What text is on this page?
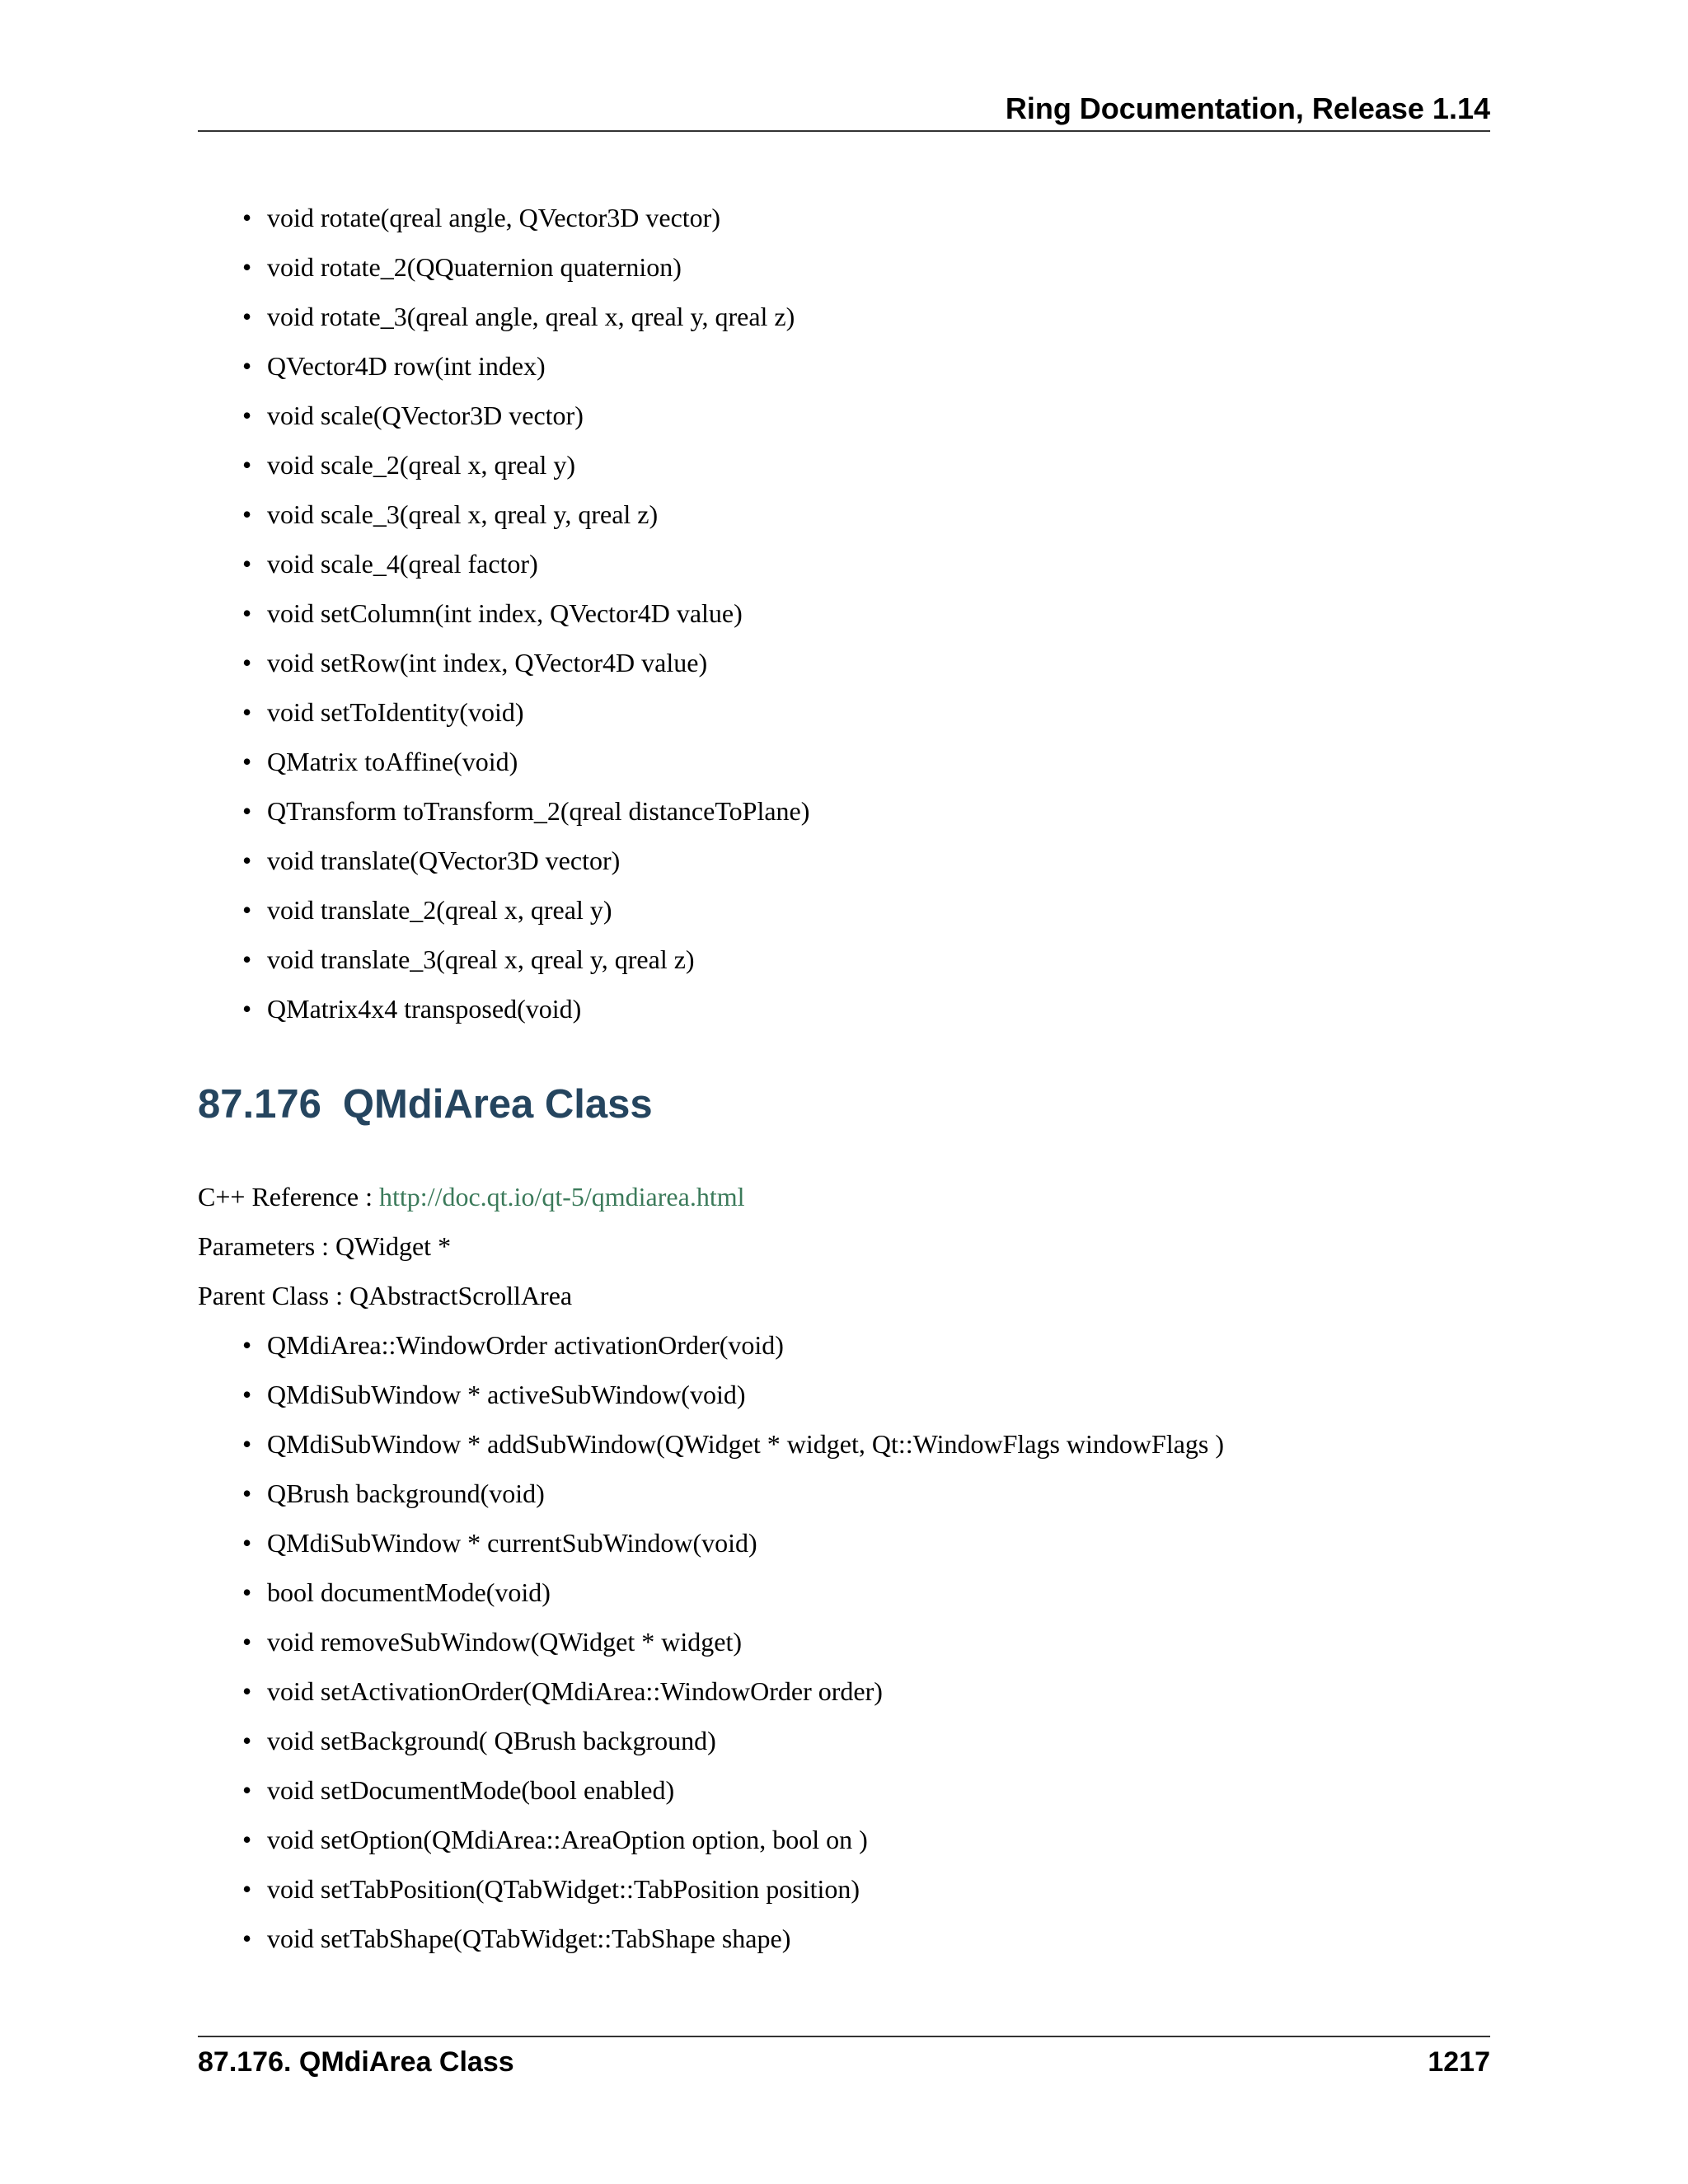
Ring Documentation, Release 1.14
• void rotate(qreal angle, QVector3D vector)
• void rotate_2(QQuaternion quaternion)
• void rotate_3(qreal angle, qreal x, qreal y, qreal z)
• QVector4D row(int index)
• void scale(QVector3D vector)
• void scale_2(qreal x, qreal y)
• void scale_3(qreal x, qreal y, qreal z)
• void scale_4(qreal factor)
• void setColumn(int index, QVector4D value)
• void setRow(int index, QVector4D value)
• void setToIdentity(void)
• QMatrix toAffine(void)
• QTransform toTransform_2(qreal distanceToPlane)
• void translate(QVector3D vector)
• void translate_2(qreal x, qreal y)
• void translate_3(qreal x, qreal y, qreal z)
• QMatrix4x4 transposed(void)
87.176 QMdiArea Class

C++ Reference : http://doc.qt.io/qt-5/qmdiarea.html

Parameters : QWidget *

Parent Class : QAbstractScrollArea

• QMdiArea::WindowOrder activationOrder(void)
• QMdiSubWindow * activeSubWindow(void)
• QMdiSubWindow * addSubWindow(QWidget * widget, Qt::WindowFlags windowFlags )
• QBrush background(void)
• QMdiSubWindow * currentSubWindow(void)
• bool documentMode(void)
• void removeSubWindow(QWidget * widget)
• void setActivationOrder(QMdiArea::WindowOrder order)
• void setBackground( QBrush background)
• void setDocumentMode(bool enabled)
• void setOption(QMdiArea::AreaOption option, bool on )
• void setTabPosition(QTabWidget::TabPosition position)
• void setTabShape(QTabWidget::TabShape shape)
87.176. QMdiArea Class	1217
